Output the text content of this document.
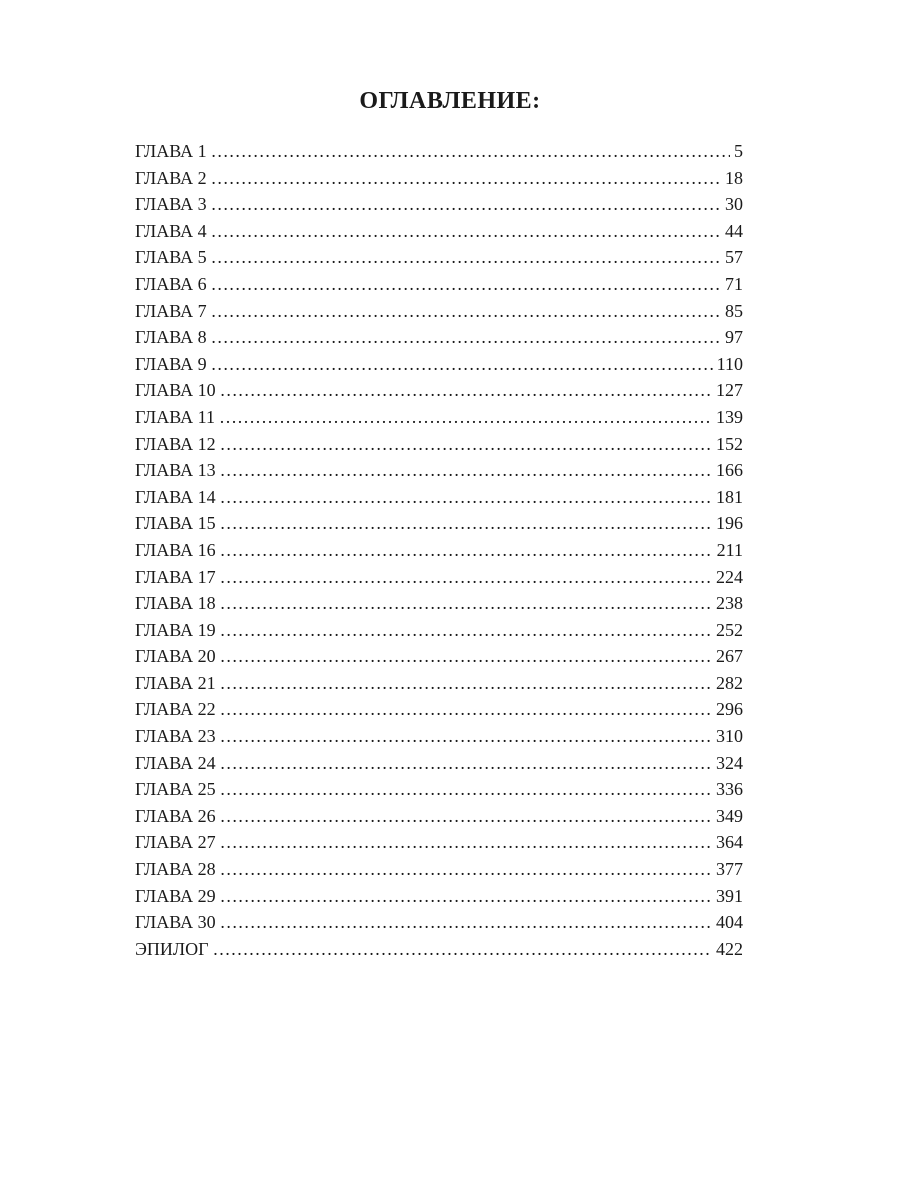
ОГЛАВЛЕНИЕ:
ГЛАВА 1 …………………………………………………………………………………………………………………………………………………………………	5
ГЛАВА 2 …………………………………………………………………………………………………………………………………………………………………	18
ГЛАВА 3 …………………………………………………………………………………………………………………………………………………………………	30
ГЛАВА 4 …………………………………………………………………………………………………………………………………………………………………	44
ГЛАВА 5 …………………………………………………………………………………………………………………………………………………………………	57
ГЛАВА 6 …………………………………………………………………………………………………………………………………………………………………	71
ГЛАВА 7 …………………………………………………………………………………………………………………………………………………………………	85
ГЛАВА 8 …………………………………………………………………………………………………………………………………………………………………	97
ГЛАВА 9 …………………………………………………………………………………………………………………………………………………………………	110
ГЛАВА 10 …………………………………………………………………………………………………………………………………………………………………	127
ГЛАВА 11 …………………………………………………………………………………………………………………………………………………………………	139
ГЛАВА 12 …………………………………………………………………………………………………………………………………………………………………	152
ГЛАВА 13 …………………………………………………………………………………………………………………………………………………………………	166
ГЛАВА 14 …………………………………………………………………………………………………………………………………………………………………	181
ГЛАВА 15 …………………………………………………………………………………………………………………………………………………………………	196
ГЛАВА 16 …………………………………………………………………………………………………………………………………………………………………	211
ГЛАВА 17 …………………………………………………………………………………………………………………………………………………………………	224
ГЛАВА 18 …………………………………………………………………………………………………………………………………………………………………	238
ГЛАВА 19 …………………………………………………………………………………………………………………………………………………………………	252
ГЛАВА 20 …………………………………………………………………………………………………………………………………………………………………	267
ГЛАВА 21 …………………………………………………………………………………………………………………………………………………………………	282
ГЛАВА 22 …………………………………………………………………………………………………………………………………………………………………	296
ГЛАВА 23 …………………………………………………………………………………………………………………………………………………………………	310
ГЛАВА 24 …………………………………………………………………………………………………………………………………………………………………	324
ГЛАВА 25 …………………………………………………………………………………………………………………………………………………………………	336
ГЛАВА 26 …………………………………………………………………………………………………………………………………………………………………	349
ГЛАВА 27 …………………………………………………………………………………………………………………………………………………………………	364
ГЛАВА 28 …………………………………………………………………………………………………………………………………………………………………	377
ГЛАВА 29 …………………………………………………………………………………………………………………………………………………………………	391
ГЛАВА 30 …………………………………………………………………………………………………………………………………………………………………	404
ЭПИЛОГ …………………………………………………………………………………………………………………………………………………………………	422
